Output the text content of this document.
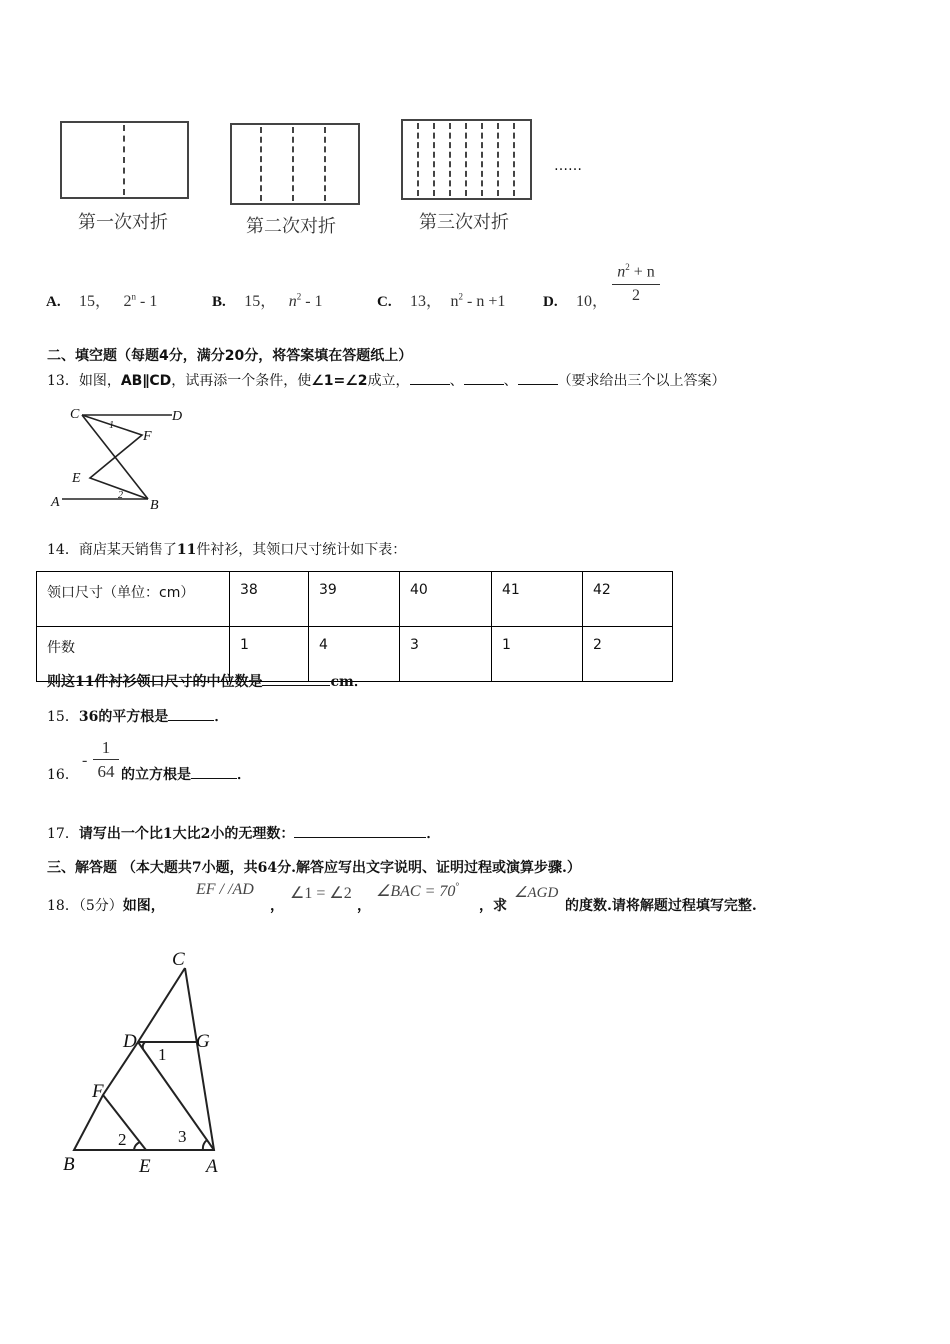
……
第一次对折	第二次对折	第三次对折
A. 15， 2$^n$ - 1	B. 15， $n^2 - 1$	C. 13， $n^2 - n +1$	D. 10， $\frac{n^2 + n}{2}$
二、填空题（每题4分，满分20分，将答案填在答题纸上）
13．如图，AB∥CD，试再添一个条件，使∠1=∠2成立，	、	、	（要求给出三个以上答案）
C	D
F
E
A	B
1
2
14．商店某天销售了11件衬衫，其领口尺寸统计如下表：
领口尺寸（单位：cm）	38	39	40	41	42
件数	1	4	3	1	2
则这11件衬衫领口尺寸的中位数是	cm．
15．36的平方根是	．
16．
- $\frac{1}{64}$ 的立方根是	．
17．请写出一个比1大比2小的无理数：	．
三、解答题 （本大题共7小题，共64分.解答应写出文字说明、证明过程或演算步骤.）
18．（5分）如图，
EF / /AD
，
∠1 = ∠2
，
∠BAC = 70°
，求
∠AGD
的度数.请将解题过程填写完整.
C
D	G
F
B	E	A
1
2	3
